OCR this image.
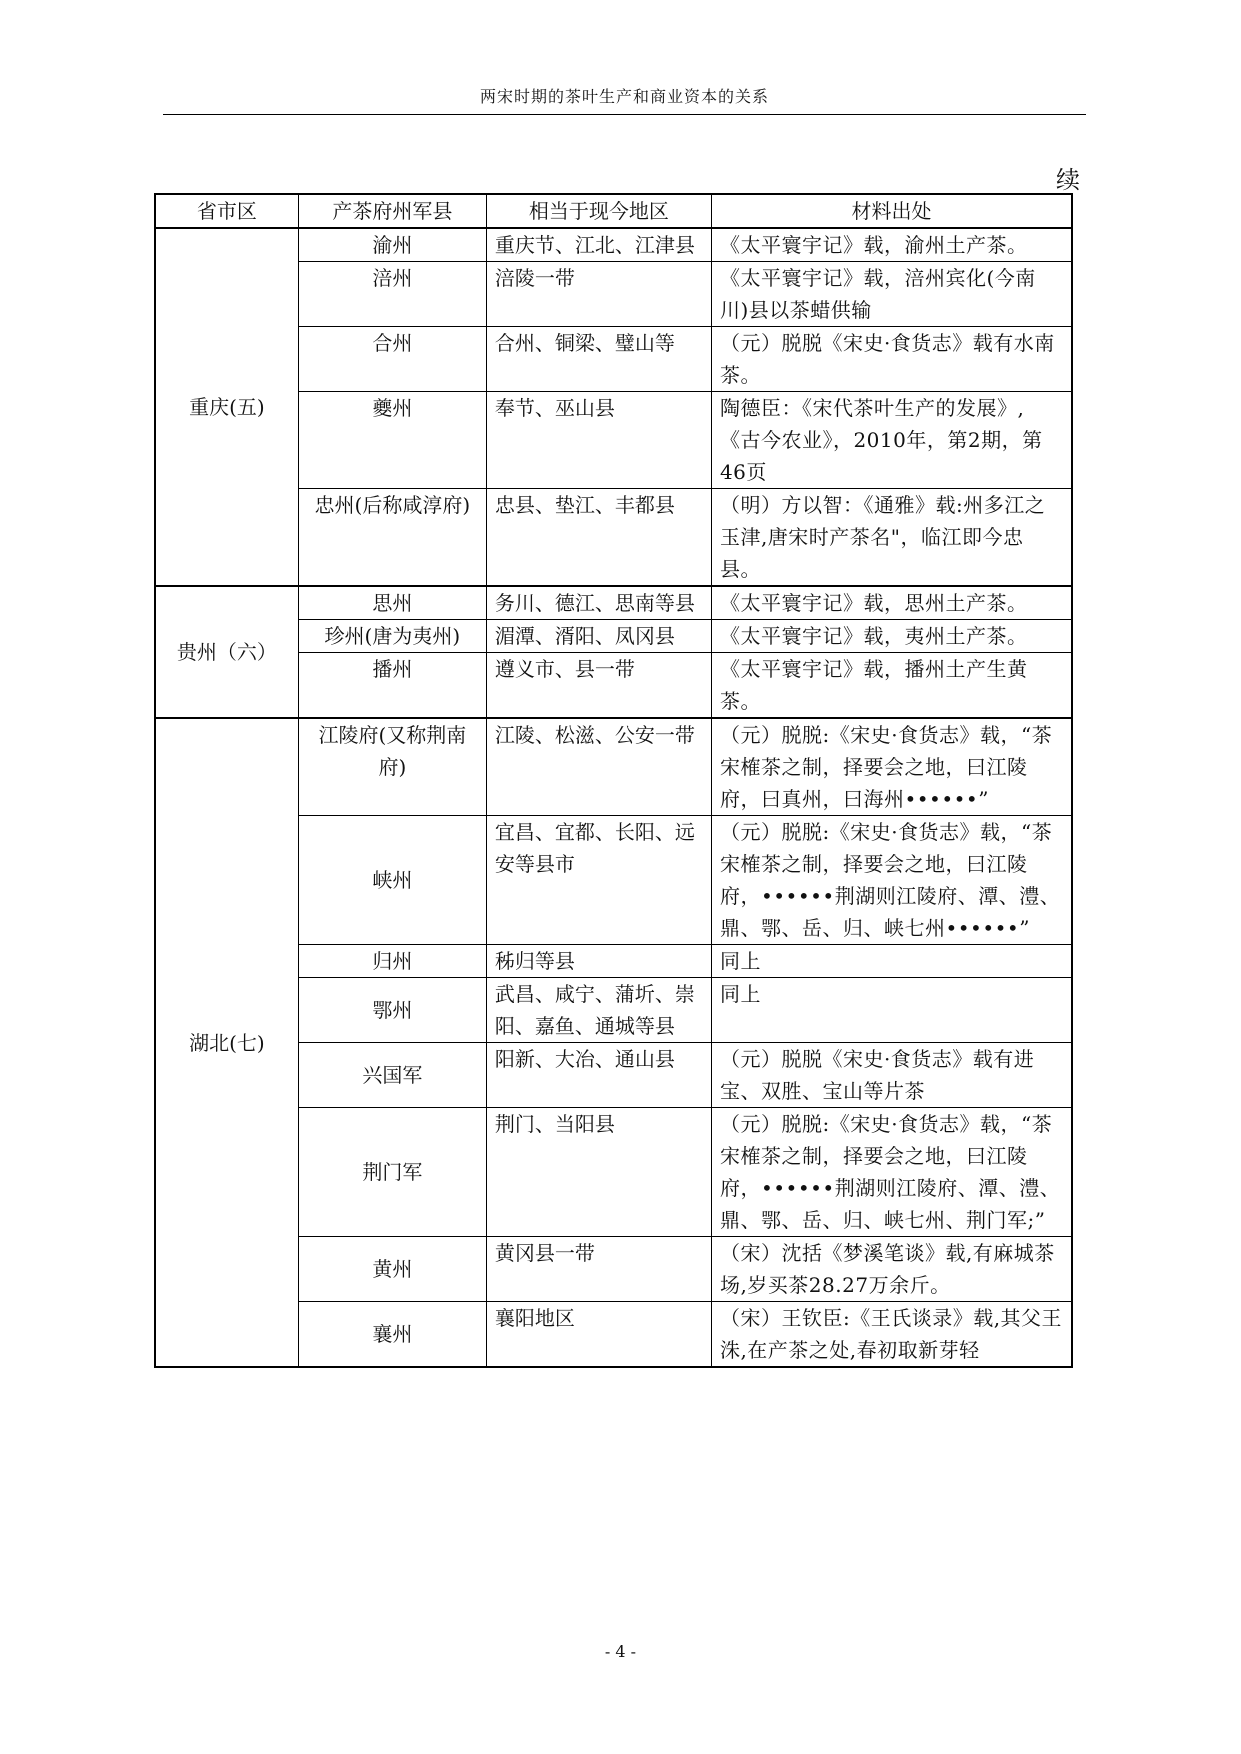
两宋时期的茶叶生产和商业资本的关系
续
省市区	产茶府州军县	相当于现今地区	材料出处
重庆(五)	渝州	重庆节、江北、江津县	《太平寰宇记》载，渝州土产茶。
	涪州	涪陵一带	《太平寰宇记》载，涪州宾化(今南川)县以茶蜡供输
	合州	合州、铜梁、璧山等	（元）脱脱《宋史·食货志》载有水南茶。
	夔州	奉节、巫山县	陶德臣：《宋代茶叶生产的发展》,《古今农业》，2010年，第2期，第46页
	忠州(后称咸淳府)	忠县、垫江、丰都县	（明）方以智：《通雅》载:州多江之玉津,唐宋时产茶名"，临江即今忠县。
贵州（六）	思州	务川、德江、思南等县	《太平寰宇记》载，思州土产茶。
	珍州(唐为夷州)	湄潭、湑阳、凤冈县	《太平寰宇记》载，夷州土产茶。
	播州	遵义市、县一带	《太平寰宇记》载，播州土产生黄茶。
湖北(七)	江陵府(又称荆南府)	江陵、松滋、公安一带	（元）脱脱:《宋史·食货志》载，“茶宋榷茶之制，择要会之地，曰江陵府，曰真州，曰海州••••••”
	峡州	宜昌、宜都、长阳、远安等县市	（元）脱脱:《宋史·食货志》载，“茶宋榷茶之制，择要会之地，曰江陵府，••••••荆湖则江陵府、潭、澧、鼎、鄂、岳、归、峡七州••••••”
	归州	秭归等县	同上
	鄂州	武昌、咸宁、蒲圻、崇阳、嘉鱼、通城等县	同上
	兴国军	阳新、大冶、通山县	（元）脱脱《宋史·食货志》载有进宝、双胜、宝山等片茶
	荆门军	荆门、当阳县	（元）脱脱:《宋史·食货志》载，“茶宋榷茶之制，择要会之地，曰江陵府，••••••荆湖则江陵府、潭、澧、鼎、鄂、岳、归、峡七州、荆门军;”
	黄州	黄冈县一带	（宋）沈括《梦溪笔谈》载,有麻城茶场,岁买茶28.27万余斤。
	襄州	襄阳地区	（宋）王钦臣:《王氏谈录》载,其父王洙,在产茶之处,春初取新芽轻
- 4 -
